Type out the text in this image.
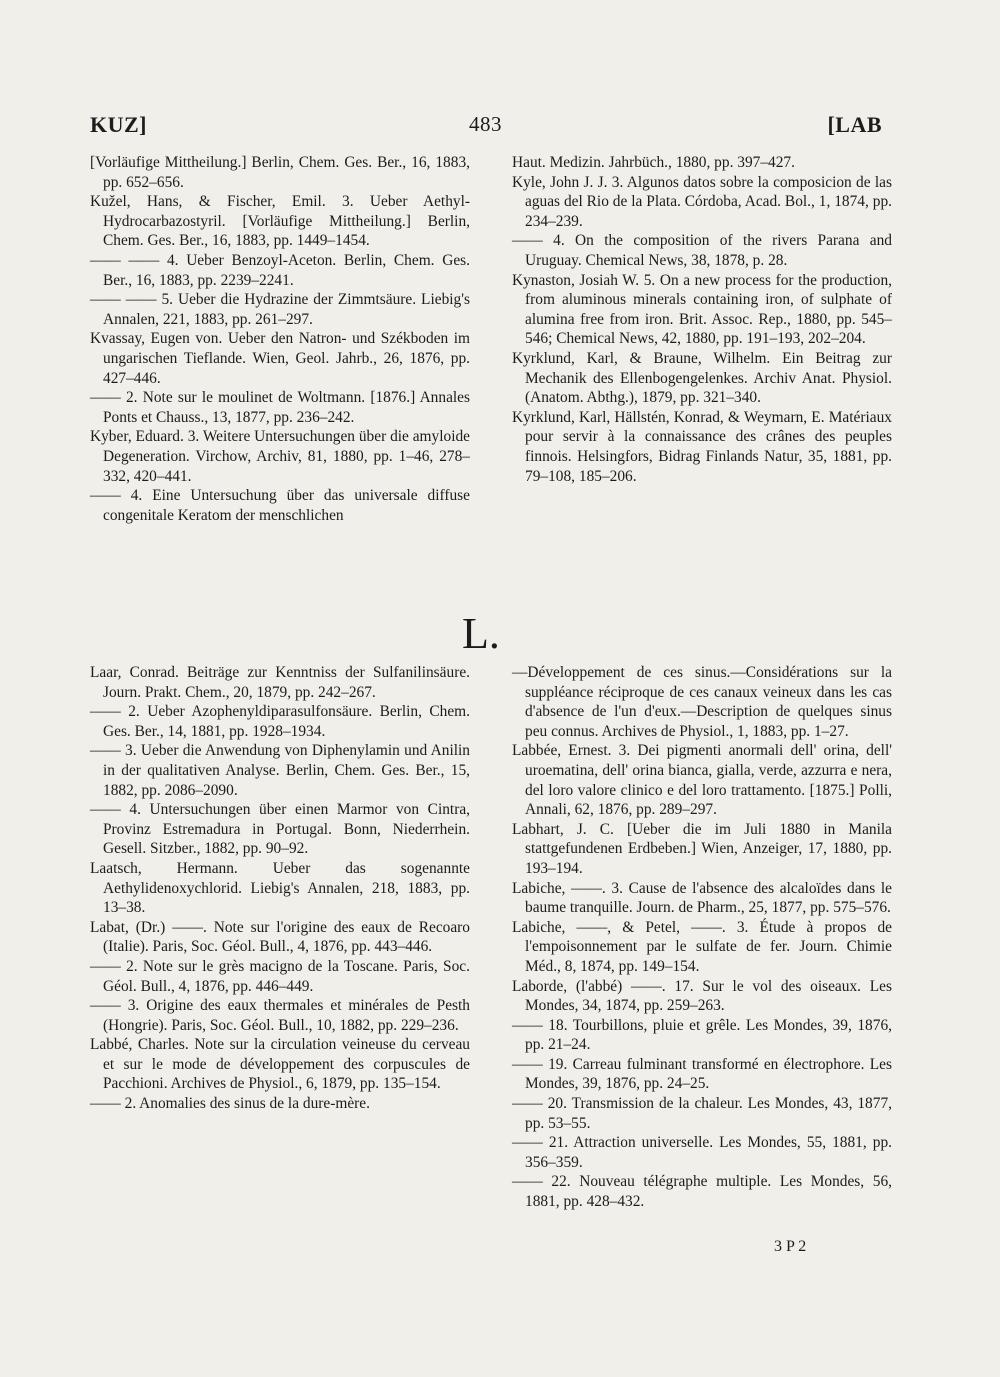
KUZ]	483	[LAB

[Vorläufige Mittheilung.] Berlin, Chem. Ges. Ber., 16, 1883, pp. 652–656.

Kužel, Hans, & Fischer, Emil. 3. Ueber Aethyl-Hydrocarbazostyril. [Vorläufige Mittheilung.] Berlin, Chem. Ges. Ber., 16, 1883, pp. 1449–1454.

—— —— 4. Ueber Benzoyl-Aceton. Berlin, Chem. Ges. Ber., 16, 1883, pp. 2239–2241.

—— —— 5. Ueber die Hydrazine der Zimmtsäure. Liebig's Annalen, 221, 1883, pp. 261–297.

Kvassay, Eugen von. Ueber den Natron- und Székboden im ungarischen Tieflande. Wien, Geol. Jahrb., 26, 1876, pp. 427–446.

—— 2. Note sur le moulinet de Woltmann. [1876.] Annales Ponts et Chauss., 13, 1877, pp. 236–242.

Kyber, Eduard. 3. Weitere Untersuchungen über die amyloide Degeneration. Virchow, Archiv, 81, 1880, pp. 1–46, 278–332, 420–441.

—— 4. Eine Untersuchung über das universale diffuse congenitale Keratom der menschlichen

Haut. Medizin. Jahrbüch., 1880, pp. 397–427.

Kyle, John J. J. 3. Algunos datos sobre la composicion de las aguas del Rio de la Plata. Córdoba, Acad. Bol., 1, 1874, pp. 234–239.

—— 4. On the composition of the rivers Parana and Uruguay. Chemical News, 38, 1878, p. 28.

Kynaston, Josiah W. 5. On a new process for the production, from aluminous minerals containing iron, of sulphate of alumina free from iron. Brit. Assoc. Rep., 1880, pp. 545–546; Chemical News, 42, 1880, pp. 191–193, 202–204.

Kyrklund, Karl, & Braune, Wilhelm. Ein Beitrag zur Mechanik des Ellenbogengelenkes. Archiv Anat. Physiol. (Anatom. Abthg.), 1879, pp. 321–340.

Kyrklund, Karl, Hällstén, Konrad, & Weymarn, E. Matériaux pour servir à la connaissance des crânes des peuples finnois. Helsingfors, Bidrag Finlands Natur, 35, 1881, pp. 79–108, 185–206.

L.

Laar, Conrad. Beiträge zur Kenntniss der Sulfanilinsäure. Journ. Prakt. Chem., 20, 1879, pp. 242–267.

—— 2. Ueber Azophenyldiparasulfonsäure. Berlin, Chem. Ges. Ber., 14, 1881, pp. 1928–1934.

—— 3. Ueber die Anwendung von Diphenylamin und Anilin in der qualitativen Analyse. Berlin, Chem. Ges. Ber., 15, 1882, pp. 2086–2090.

—— 4. Untersuchungen über einen Marmor von Cintra, Provinz Estremadura in Portugal. Bonn, Niederrhein. Gesell. Sitzber., 1882, pp. 90–92.

Laatsch, Hermann. Ueber das sogenannte Aethylidenoxychlorid. Liebig's Annalen, 218, 1883, pp. 13–38.

Labat, (Dr.) ——. Note sur l'origine des eaux de Recoaro (Italie). Paris, Soc. Géol. Bull., 4, 1876, pp. 443–446.

—— 2. Note sur le grès macigno de la Toscane. Paris, Soc. Géol. Bull., 4, 1876, pp. 446–449.

—— 3. Origine des eaux thermales et minérales de Pesth (Hongrie). Paris, Soc. Géol. Bull., 10, 1882, pp. 229–236.

Labbé, Charles. Note sur la circulation veineuse du cerveau et sur le mode de développement des corpuscules de Pacchioni. Archives de Physiol., 6, 1879, pp. 135–154.

—— 2. Anomalies des sinus de la dure-mère.

—Développement de ces sinus.—Considérations sur la suppléance réciproque de ces canaux veineux dans les cas d'absence de l'un d'eux.—Description de quelques sinus peu connus. Archives de Physiol., 1, 1883, pp. 1–27.

Labbée, Ernest. 3. Dei pigmenti anormali dell' orina, dell' uroematina, dell' orina bianca, gialla, verde, azzurra e nera, del loro valore clinico e del loro trattamento. [1875.] Polli, Annali, 62, 1876, pp. 289–297.

Labhart, J. C. [Ueber die im Juli 1880 in Manila stattgefundenen Erdbeben.] Wien, Anzeiger, 17, 1880, pp. 193–194.

Labiche, ——. 3. Cause de l'absence des alcaloïdes dans le baume tranquille. Journ. de Pharm., 25, 1877, pp. 575–576.

Labiche, ——, & Petel, ——. 3. Étude à propos de l'empoisonnement par le sulfate de fer. Journ. Chimie Méd., 8, 1874, pp. 149–154.

Laborde, (l'abbé) ——. 17. Sur le vol des oiseaux. Les Mondes, 34, 1874, pp. 259–263.

—— 18. Tourbillons, pluie et grêle. Les Mondes, 39, 1876, pp. 21–24.

—— 19. Carreau fulminant transformé en électrophore. Les Mondes, 39, 1876, pp. 24–25.

—— 20. Transmission de la chaleur. Les Mondes, 43, 1877, pp. 53–55.

—— 21. Attraction universelle. Les Mondes, 55, 1881, pp. 356–359.

—— 22. Nouveau télégraphe multiple. Les Mondes, 56, 1881, pp. 428–432.

3 P 2
